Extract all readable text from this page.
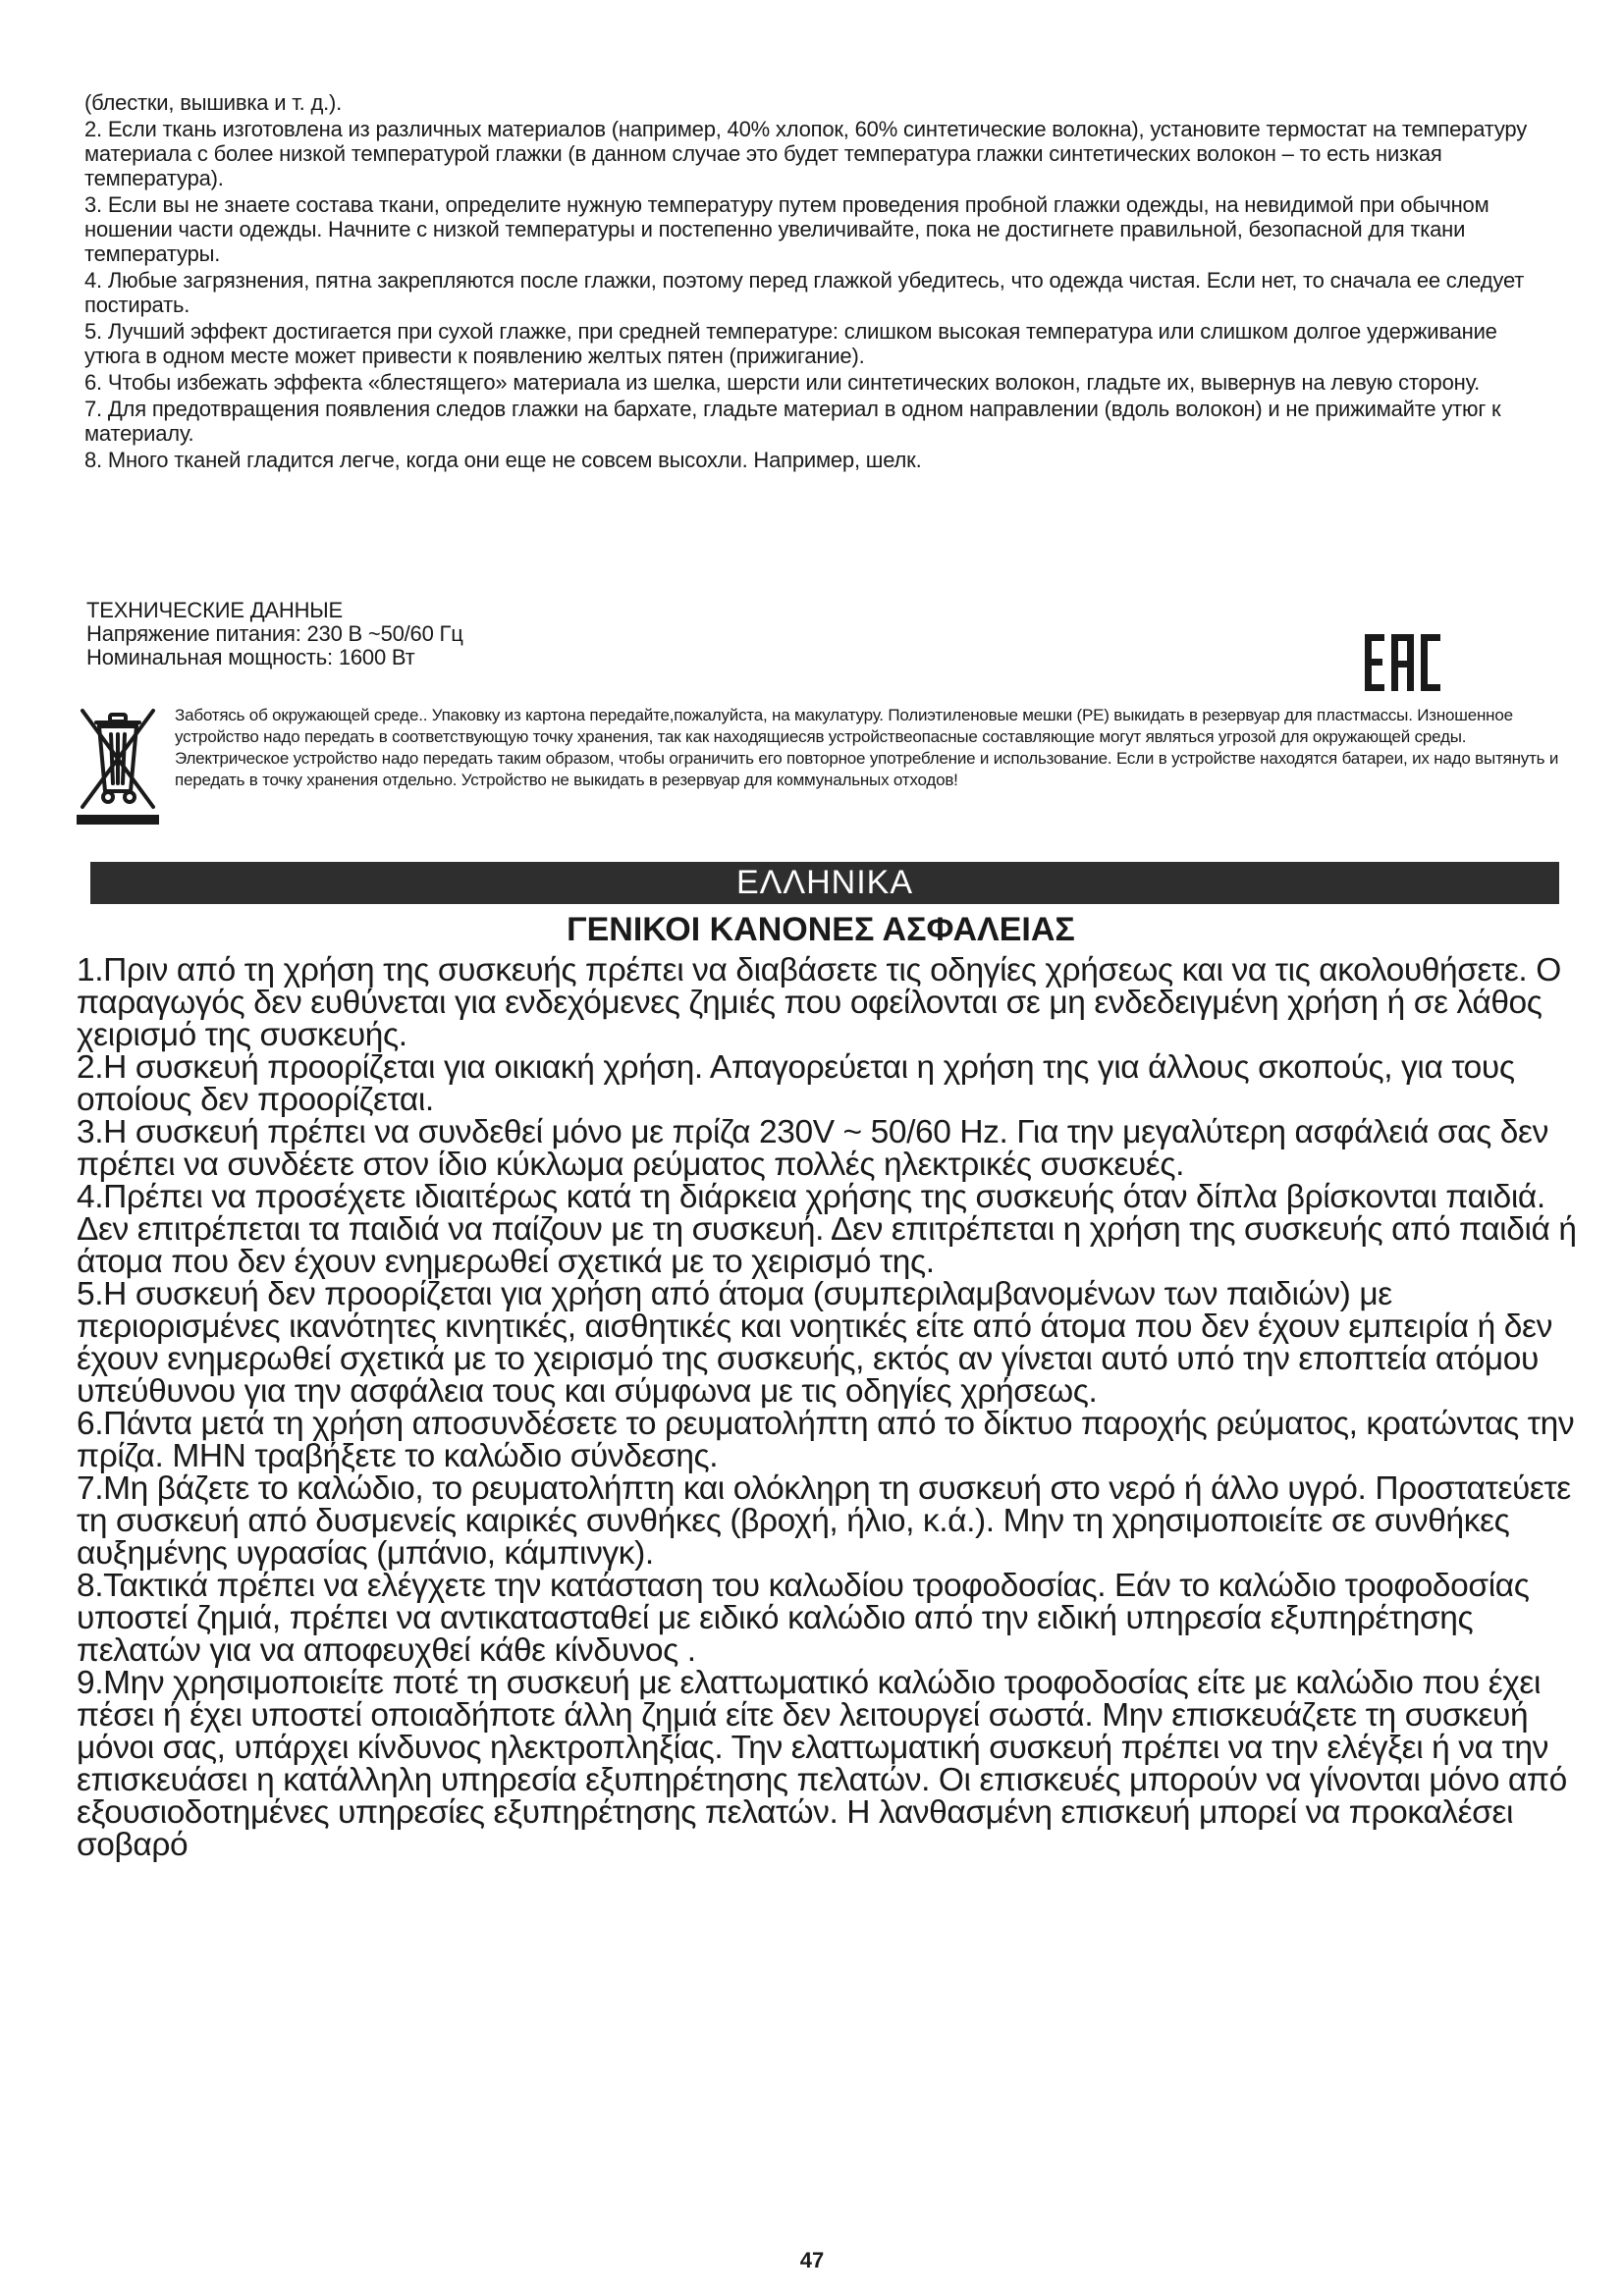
(блестки, вышивка и т. д.).

2. Если ткань изготовлена из различных материалов (например, 40% хлопок, 60% синтетические волокна), установите термостат на температуру материала с более низкой температурой глажки (в данном случае это будет температура глажки синтетических волокон – то есть низкая температура).

3. Если вы не знаете состава ткани, определите нужную температуру путем проведения пробной глажки одежды, на невидимой при обычном ношении части одежды. Начните с низкой температуры и постепенно увеличивайте, пока не достигнете правильной, безопасной для ткани температуры.

4. Любые загрязнения, пятна закрепляются после глажки, поэтому перед глажкой убедитесь, что одежда чистая. Если нет, то сначала ее следует постирать.

5. Лучший эффект достигается при сухой глажке, при средней температуре: слишком высокая температура или слишком долгое удерживание утюга в одном месте может привести к появлению желтых пятен (прижигание).

6. Чтобы избежать эффекта «блестящего» материала из шелка, шерсти или синтетических волокон, гладьте их, вывернув на левую сторону.

7. Для предотвращения появления следов глажки на бархате, гладьте материал в одном направлении (вдоль волокон) и не прижимайте утюг к материалу.

8. Много тканей гладится легче, когда они еще не совсем высохли. Например, шелк.

ТЕХНИЧЕСКИЕ ДАННЫЕ

Напряжение питания: 230 В ~50/60 Гц

Номинальная мощность: 1600 Вт

Заботясь об окружающей среде.. Упаковку из картона передайте,пожалуйста, на макулатуру. Полиэтиленовые мешки (PE) выкидать в резервуар для пластмассы. Изношенное устройство надо передать в соответствующую точку хранения, так как находящиесяв устройствеопасные составляющие могут являться угрозой для окружающей среды. Электрическое устройство надо передать таким образом, чтобы ограничить его повторное употребление и использование. Если в устройстве находятся батареи, их надо вытянуть и передать в точку хранения отдельно. Устройство не выкидать в резервуар для коммунальных отходов!

ΕΛΛΗΝΙΚΑ
ΓΕΝΙΚΟΙ ΚΑΝΟΝΕΣ ΑΣΦΑΛΕΙΑΣ

1.Πριν από τη χρήση της συσκευής πρέπει να διαβάσετε τις οδηγίες χρήσεως και να τις ακολουθήσετε. Ο παραγωγός δεν ευθύνεται για ενδεχόμενες ζημιές που οφείλονται σε μη ενδεδειγμένη χρήση ή σε λάθος χειρισμό της συσκευής.

2.Η συσκευή προορίζεται για οικιακή χρήση. Απαγορεύεται η χρήση της για άλλους σκοπούς, για τους οποίους δεν προορίζεται.

3.Η συσκευή πρέπει να συνδεθεί μόνο με πρίζα 230V ~ 50/60 Hz. Για την μεγαλύτερη ασφάλειά σας δεν πρέπει να συνδέετε στον ίδιο κύκλωμα ρεύματος πολλές ηλεκτρικές συσκευές.

4.Πρέπει να προσέχετε ιδιαιτέρως κατά τη διάρκεια χρήσης της συσκευής όταν δίπλα βρίσκονται παιδιά. Δεν επιτρέπεται τα παιδιά να παίζουν με τη συσκευή. Δεν επιτρέπεται η χρήση της συσκευής από παιδιά ή άτομα που δεν έχουν ενημερωθεί σχετικά με το χειρισμό της.

5.Η συσκευή δεν προορίζεται για χρήση από άτομα (συμπεριλαμβανομένων των παιδιών) με περιορισμένες ικανότητες κινητικές, αισθητικές και νοητικές είτε από άτομα που δεν έχουν εμπειρία ή δεν έχουν ενημερωθεί σχετικά με το χειρισμό της συσκευής, εκτός αν γίνεται αυτό υπό την εποπτεία ατόμου υπεύθυνου για την ασφάλεια τους και σύμφωνα με τις οδηγίες χρήσεως.

6.Πάντα μετά τη χρήση αποσυνδέσετε το ρευματολήπτη από το δίκτυο παροχής ρεύματος, κρατώντας την πρίζα. ΜΗΝ τραβήξετε το καλώδιο σύνδεσης.

7.Μη βάζετε το καλώδιο, το ρευματολήπτη και ολόκληρη τη συσκευή στο νερό ή άλλο υγρό. Προστατεύετε τη συσκευή από δυσμενείς καιρικές συνθήκες (βροχή, ήλιο, κ.ά.). Μην τη χρησιμοποιείτε σε συνθήκες αυξημένης υγρασίας (μπάνιο, κάμπινγκ).

8.Τακτικά πρέπει να ελέγχετε την κατάσταση του καλωδίου τροφοδοσίας. Εάν το καλώδιο τροφοδοσίας υποστεί ζημιά, πρέπει να αντικατασταθεί με ειδικό καλώδιο από την ειδική υπηρεσία εξυπηρέτησης πελατών για να αποφευχθεί κάθε κίνδυνος .

9.Μην χρησιμοποιείτε ποτέ τη συσκευή με ελαττωματικό καλώδιο τροφοδοσίας είτε με καλώδιο που έχει πέσει ή έχει υποστεί οποιαδήποτε άλλη ζημιά είτε δεν λειτουργεί σωστά. Μην επισκευάζετε τη συσκευή μόνοι σας, υπάρχει κίνδυνος ηλεκτροπληξίας. Την ελαττωματική συσκευή πρέπει να την ελέγξει ή να την επισκευάσει η κατάλληλη υπηρεσία εξυπηρέτησης πελατών. Οι επισκευές μπορούν να γίνονται μόνο από εξουσιοδοτημένες υπηρεσίες εξυπηρέτησης πελατών. Η λανθασμένη επισκευή μπορεί να προκαλέσει σοβαρό

47
